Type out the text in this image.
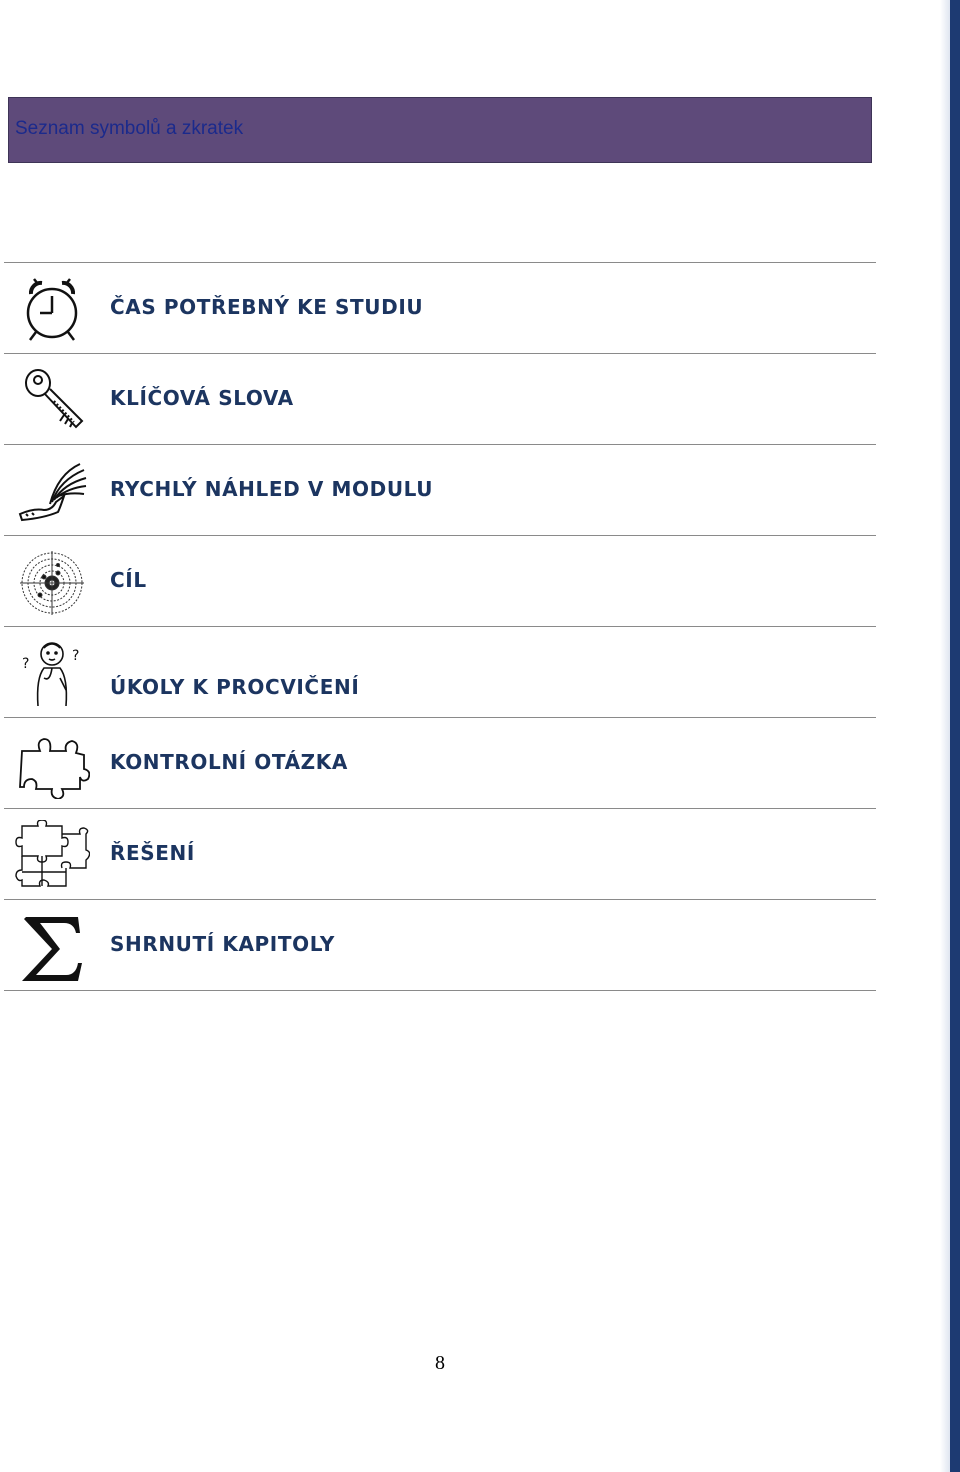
Seznam symbolů a zkratek
ČAS POTŘEBNÝ KE STUDIU
KLÍČOVÁ SLOVA
RYCHLÝ NÁHLED V MODULU
CÍL
?	?
ÚKOLY K PROCVIČENÍ
KONTROLNÍ OTÁZKA
ŘEŠENÍ
SHRNUTÍ KAPITOLY
8
